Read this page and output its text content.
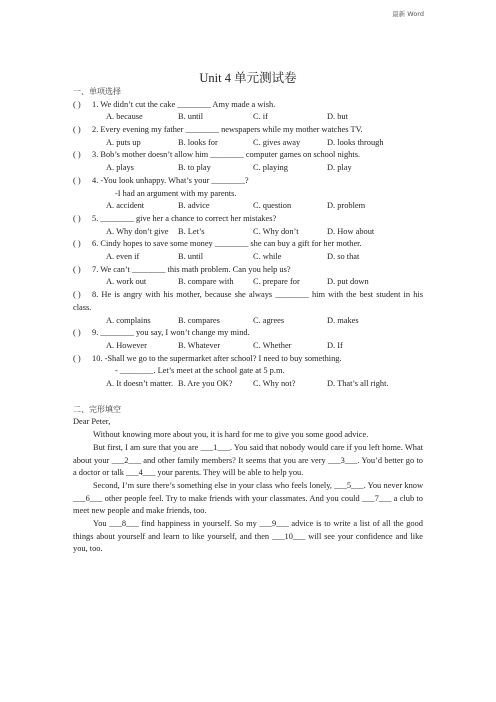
最新 Word
Unit 4 单元测试卷
一、单项选择
( ) 1. We didn’t cut the cake ________ Amy made a wish.
A. because	B. until	C. if	D. but
( ) 2. Every evening my father ________ newspapers while my mother watches TV.
A. puts up	B. looks for	C. gives away	D. looks through
( ) 3. Bob’s mother doesn’t allow him ________ computer games on school nights.
A. plays	B. to play	C. playing	D. play
( ) 4. -You look unhappy. What’s your ________?
-I had an argument with my parents.
A. accident	B. advice	C. question	D. problem
( ) 5. ________ give her a chance to correct her mistakes?
A. Why don’t give B. Let’s	C. Why don’t	D. How about
( ) 6. Cindy hopes to save some money ________ she can buy a gift for her mother.
A. even if	B. until	C. while	D. so that
( ) 7. We can’t ________ this math problem. Can you help us?
A. work out	B. compare with C. prepare for	D. put down
( ) 8. He is angry with his mother, because she always ________ him with the best student in his class.
A. complains	B. compares	C. agrees	D. makes
( ) 9. ________ you say, I won’t change my mind.
A. However	B. Whatever	C. Whether	D. If
( ) 10. -Shall we go to the supermarket after school? I need to buy something.
- ________. Let’s meet at the school gate at 5 p.m.
A. It doesn’t matter. B. Are you OK? C. Why not?	D. That’s all right.
二、完形填空

Dear Peter,

Without knowing more about you, it is hard for me to give you some good advice.

But first, I am sure that you are ___1___. You said that nobody would care if you left home. What about your ___2___ and other family members? It seems that you are very ___3___. You’d better go to a doctor or talk ___4___ your parents. They will be able to help you.

Second, I’m sure there’s something else in your class who feels lonely, ___5___. You never know ___6___ other people feel. Try to make friends with your classmates. And you could ___7___ a club to meet new people and make friends, too.

You ___8___ find happiness in yourself. So my ___9___ advice is to write a list of all the good things about yourself and learn to like yourself, and then ___10___ will see your confidence and like you, too.
